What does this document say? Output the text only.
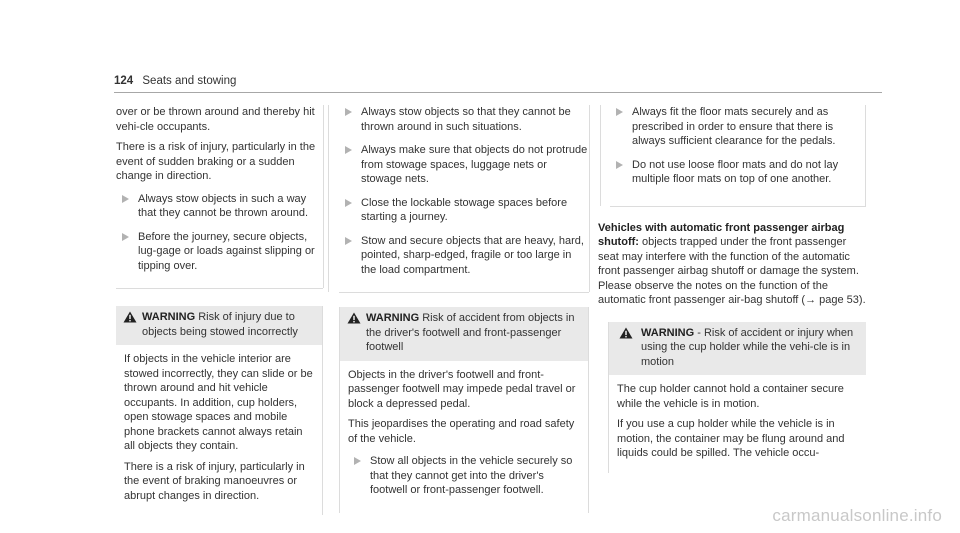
124 Seats and stowing

over or be thrown around and thereby hit vehi-cle occupants.

There is a risk of injury, particularly in the event of sudden braking or a sudden change in direction.

Always stow objects in such a way that they cannot be thrown around.
Before the journey, secure objects, lug-gage or loads against slipping or tipping over.
WARNING Risk of injury due to objects being stowed incorrectly

If objects in the vehicle interior are stowed incorrectly, they can slide or be thrown around and hit vehicle occupants. In addition, cup holders, open stowage spaces and mobile phone brackets cannot always retain all objects they contain.

There is a risk of injury, particularly in the event of braking manoeuvres or abrupt changes in direction.

Always stow objects so that they cannot be thrown around in such situations.
Always make sure that objects do not protrude from stowage spaces, luggage nets or stowage nets.
Close the lockable stowage spaces before starting a journey.
Stow and secure objects that are heavy, hard, pointed, sharp-edged, fragile or too large in the load compartment.
WARNING Risk of accident from objects in the driver's footwell and front-passenger footwell

Objects in the driver's footwell and front-passenger footwell may impede pedal travel or block a depressed pedal.

This jeopardises the operating and road safety of the vehicle.

Stow all objects in the vehicle securely so that they cannot get into the driver's footwell or front-passenger footwell.
Always fit the floor mats securely and as prescribed in order to ensure that there is always sufficient clearance for the pedals.
Do not use loose floor mats and do not lay multiple floor mats on top of one another.

Vehicles with automatic front passenger airbag shutoff: objects trapped under the front passenger seat may interfere with the function of the automatic front passenger airbag shutoff or damage the system. Please observe the notes on the function of the automatic front passenger air-bag shutoff (→ page 53).

WARNING - Risk of accident or injury when using the cup holder while the vehi-cle is in motion

The cup holder cannot hold a container secure while the vehicle is in motion.

If you use a cup holder while the vehicle is in motion, the container may be flung around and liquids could be spilled. The vehicle occu-

carmanualsonline.info
